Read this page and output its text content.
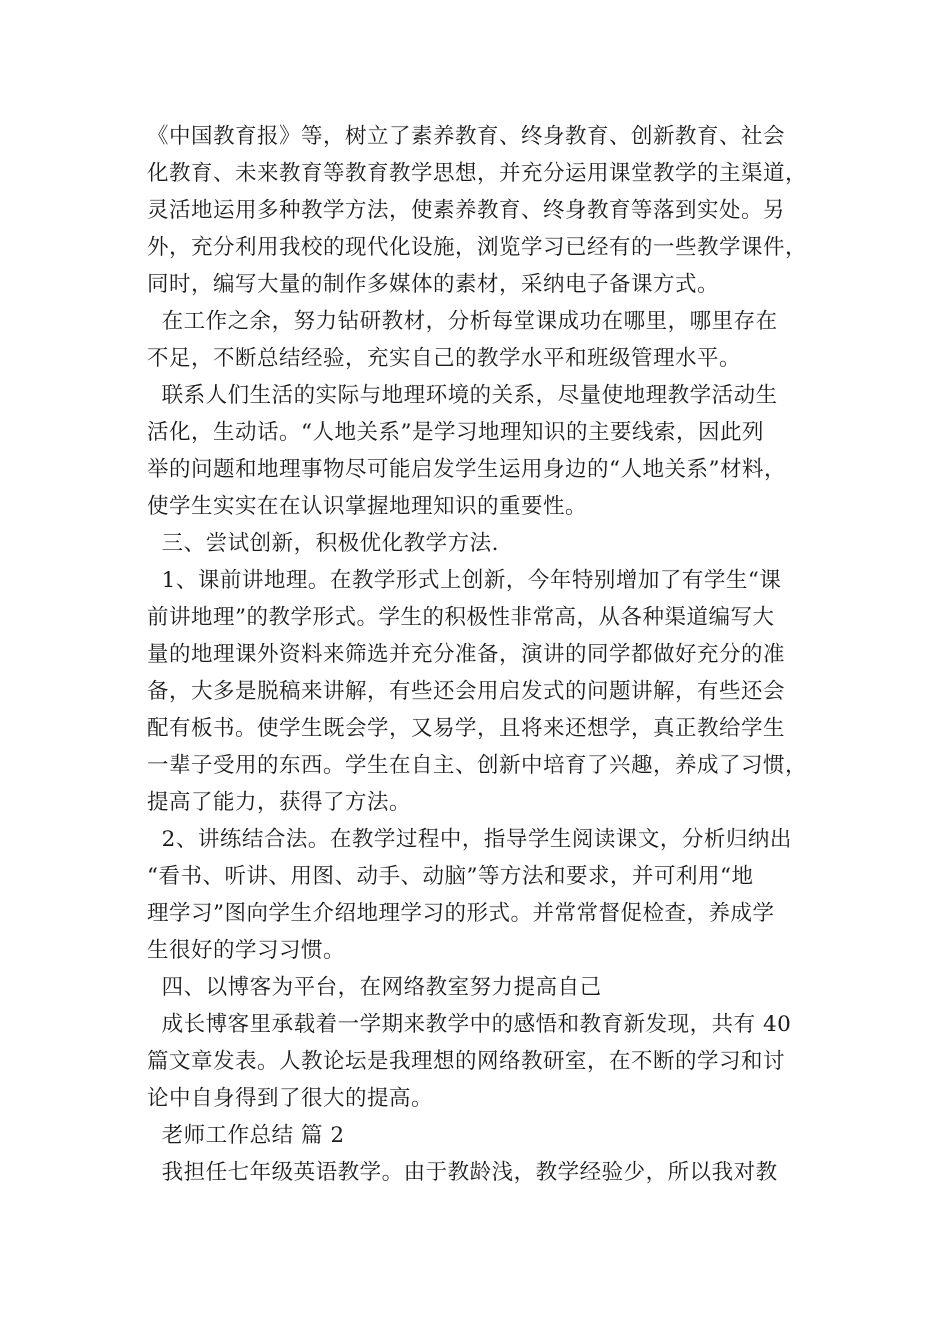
《中国教育报》等，树立了素养教育、终身教育、创新教育、社会
化教育、未来教育等教育教学思想，并充分运用课堂教学的主渠道，
灵活地运用多种教学方法，使素养教育、终身教育等落到实处。另
外，充分利用我校的现代化设施，浏览学习已经有的一些教学课件，
同时，编写大量的制作多媒体的素材，采纳电子备课方式。
在工作之余，努力钻研教材，分析每堂课成功在哪里，哪里存在
不足，不断总结经验，充实自己的教学水平和班级管理水平。
联系人们生活的实际与地理环境的关系，尽量使地理教学活动生
活化，生动话。“人地关系”是学习地理知识的主要线索，因此列
举的问题和地理事物尽可能启发学生运用身边的“人地关系”材料，
使学生实实在在认识掌握地理知识的重要性。
三、尝试创新，积极优化教学方法.
1、课前讲地理。在教学形式上创新，今年特别增加了有学生“课
前讲地理”的教学形式。学生的积极性非常高，从各种渠道编写大
量的地理课外资料来筛选并充分准备，演讲的同学都做好充分的准
备，大多是脱稿来讲解，有些还会用启发式的问题讲解，有些还会
配有板书。使学生既会学，又易学，且将来还想学，真正教给学生
一辈子受用的东西。学生在自主、创新中培育了兴趣，养成了习惯，
提高了能力，获得了方法。
2、讲练结合法。在教学过程中，指导学生阅读课文，分析归纳出
“看书、听讲、用图、动手、动脑”等方法和要求，并可利用“地
理学习”图向学生介绍地理学习的形式。并常常督促检查，养成学
生很好的学习习惯。
四、以博客为平台，在网络教室努力提高自己
成长博客里承载着一学期来教学中的感悟和教育新发现，共有 40
篇文章发表。人教论坛是我理想的网络教研室，在不断的学习和讨
论中自身得到了很大的提高。
老师工作总结 篇 2
我担任七年级英语教学。由于教龄浅，教学经验少，所以我对教
